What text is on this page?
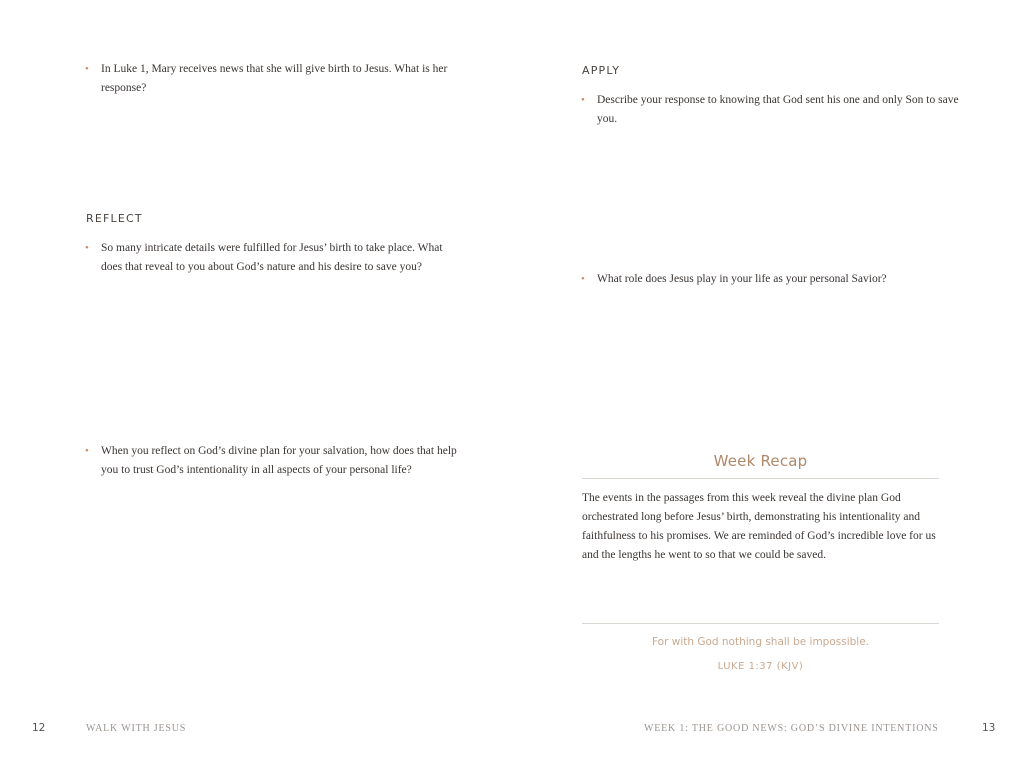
• In Luke 1, Mary receives news that she will give birth to Jesus. What is her response?
REFLECT
• So many intricate details were fulfilled for Jesus’ birth to take place. What does that reveal to you about God’s nature and his desire to save you?
• When you reflect on God’s divine plan for your salvation, how does that help you to trust God’s intentionality in all aspects of your personal life?
12	WALK WITH JESUS
APPLY
• Describe your response to knowing that God sent his one and only Son to save you.
• What role does Jesus play in your life as your personal Savior?
Week Recap
The events in the passages from this week reveal the divine plan God orchestrated long before Jesus’ birth, demonstrating his intentionality and faithfulness to his promises. We are reminded of God’s incredible love for us and the lengths he went to so that we could be saved.
For with God nothing shall be impossible.
LUKE 1:37 (KJV)
WEEK 1: THE GOOD NEWS: GOD’S DIVINE INTENTIONS	13
